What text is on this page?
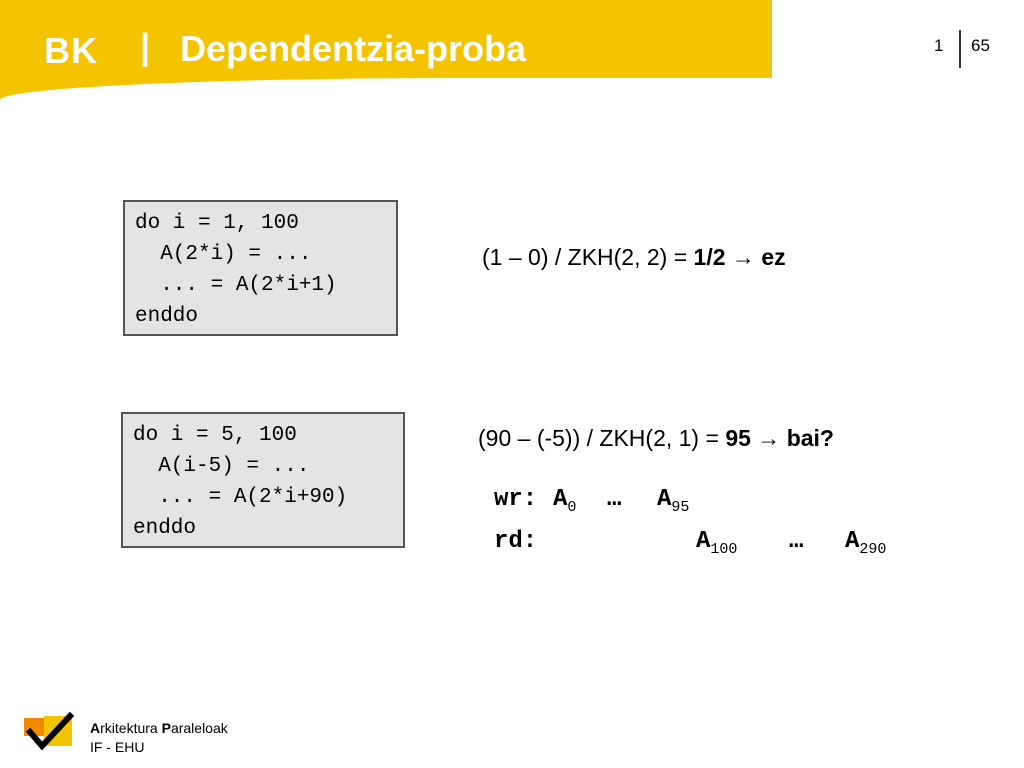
BK | Dependentzia-proba	1 65
do i = 1, 100
A(2*i) = ...
... = A(2*i+1)
enddo
(1 – 0) / ZKH(2, 2) = 1/2 → ez
do i = 5, 100
A(i-5) = ...
... = A(2*i+90)
enddo
(90 – (-5)) / ZKH(2, 1) = 95 → bai?
wr: $A_0$ … $A_{95}$
rd:	$A_{100}$ … $A_{290}$
Arkitektura Paraleloak
IF - EHU
